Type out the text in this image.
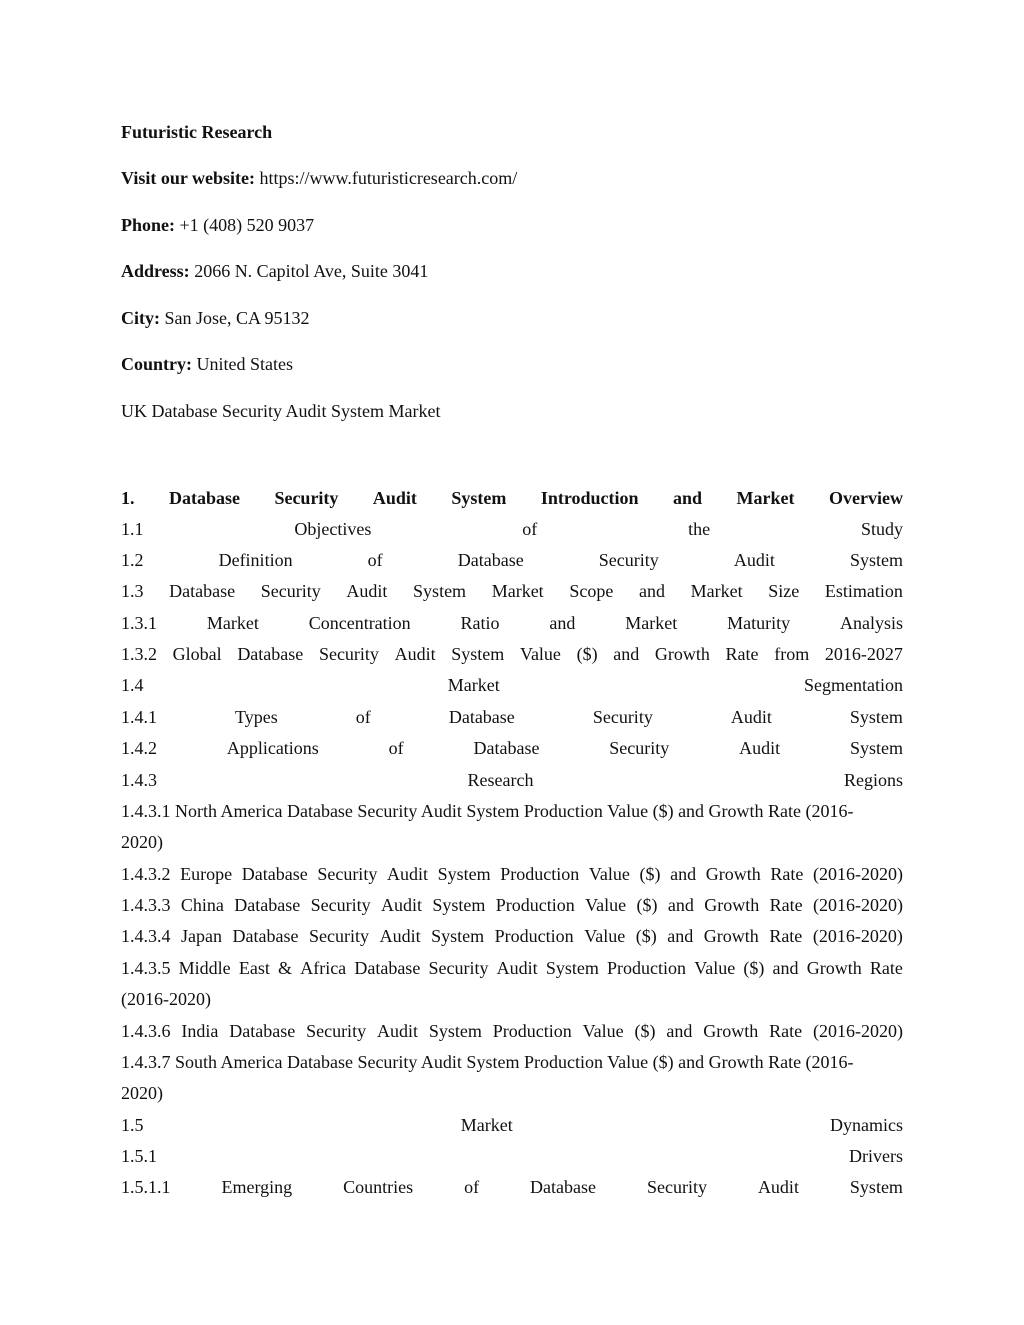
Futuristic Research
Visit our website: https://www.futuristicresearch.com/
Phone: +1 (408) 520 9037
Address: 2066 N. Capitol Ave, Suite 3041
City: San Jose, CA 95132
Country: United States
UK Database Security Audit System Market
1. Database Security Audit System Introduction and Market Overview
1.1	Objectives	of	the	Study
1.2	Definition	of	Database	Security	Audit	System
1.3 Database Security Audit System Market Scope and Market Size Estimation
1.3.1	Market	Concentration	Ratio	and	Market	Maturity	Analysis
1.3.2 Global Database Security Audit System Value ($) and Growth Rate from 2016-2027
1.4	Market	Segmentation
1.4.1	Types	of	Database	Security	Audit	System
1.4.2	Applications	of	Database	Security	Audit	System
1.4.3	Research	Regions
1.4.3.1 North America Database Security Audit System Production Value ($) and Growth Rate (2016-
2020)
1.4.3.2 Europe Database Security Audit System Production Value ($) and Growth Rate (2016-2020)
1.4.3.3 China Database Security Audit System Production Value ($) and Growth Rate (2016-2020)
1.4.3.4 Japan Database Security Audit System Production Value ($) and Growth Rate (2016-2020)
1.4.3.5 Middle East & Africa Database Security Audit System Production Value ($) and Growth Rate
(2016-2020)
1.4.3.6 India Database Security Audit System Production Value ($) and Growth Rate (2016-2020)
1.4.3.7 South America Database Security Audit System Production Value ($) and Growth Rate (2016-
2020)
1.5	Market	Dynamics
1.5.1	Drivers
1.5.1.1	Emerging	Countries	of	Database	Security	Audit	System
